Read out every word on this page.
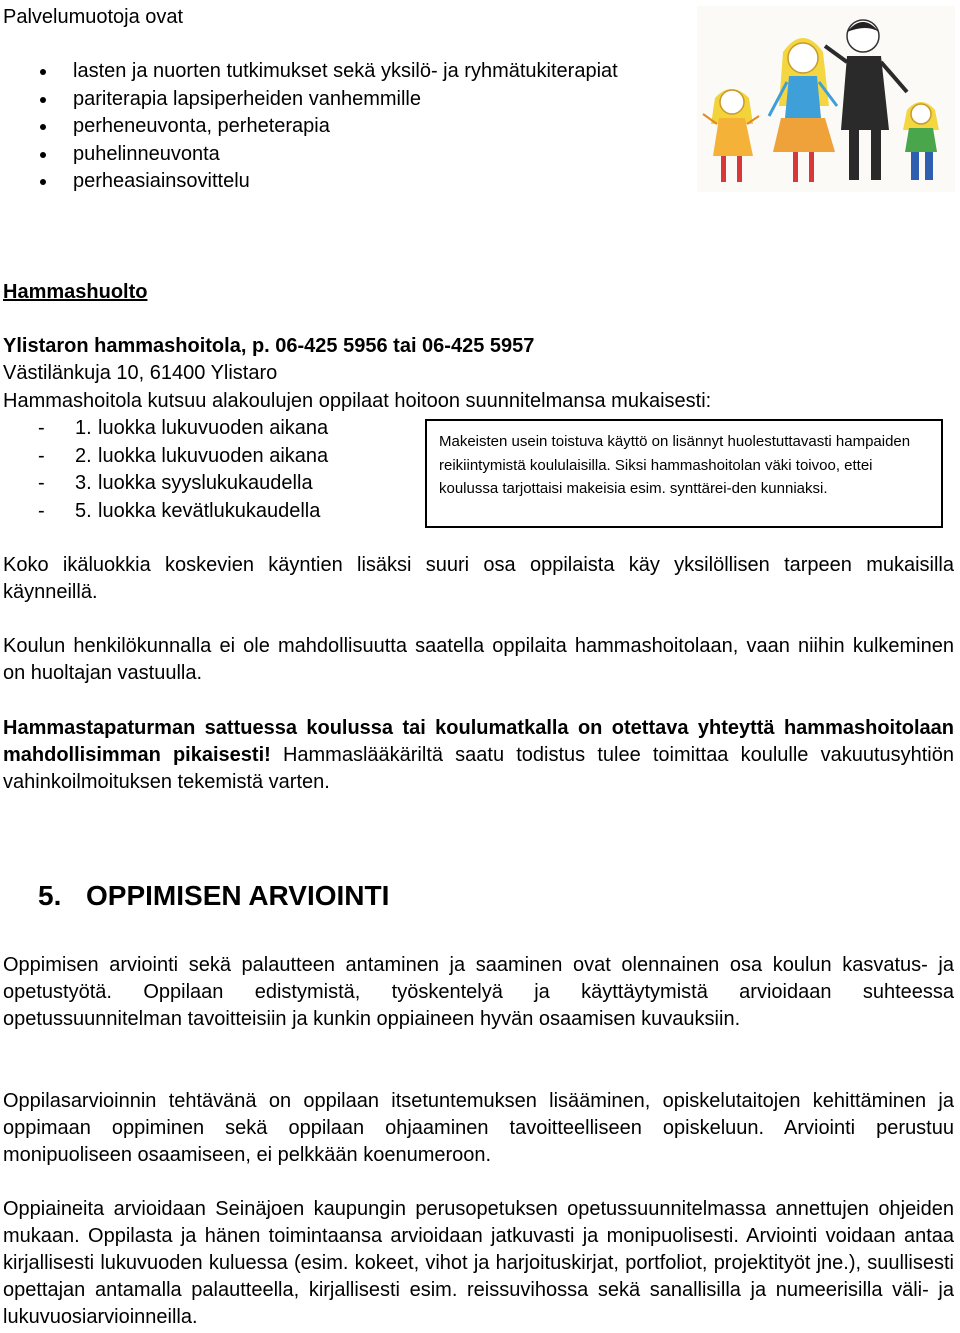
Palvelumuotoja ovat
lasten ja nuorten tutkimukset sekä yksilö- ja ryhmätukiterapiat
pariterapia lapsiperheiden vanhemmille
perheneuvonta, perheterapia
puhelinneuvonta
perheasiainsovittelu
Hammashuolto
Ylistaron hammashoitola, p. 06-425 5956 tai 06-425 5957
Västilänkuja 10, 61400 Ylistaro
Hammashoitola kutsuu alakoulujen oppilaat hoitoon suunnitelmansa mukaisesti:
- 1. luokka lukuvuoden aikana
- 2. luokka lukuvuoden aikana
- 3. luokka syyslukukaudella
- 5. luokka kevätlukukaudella
Makeisten usein toistuva käyttö on lisännyt huolestuttavasti hampaiden reikiintymistä koululaisilla. Siksi hammashoitolan väki toivoo, ettei koulussa tarjottaisi makeisia esim. synttärei-den kunniaksi.

Koko ikäluokkia koskevien käyntien lisäksi suuri osa oppilaista käy yksilöllisen tarpeen mukaisilla käynneillä.

Koulun henkilökunnalla ei ole mahdollisuutta saatella oppilaita hammashoitolaan, vaan niihin kulkeminen on huoltajan vastuulla.

Hammastapaturman sattuessa koulussa tai koulumatkalla on otettava yhteyttä hammashoitolaan mahdollisimman pikaisesti! Hammaslääkäriltä saatu todistus tulee toimittaa koululle vakuutusyhtiön vahinkoilmoituksen tekemistä varten.

5. OPPIMISEN ARVIOINTI

Oppimisen arviointi sekä palautteen antaminen ja saaminen ovat olennainen osa koulun kasvatus- ja opetustyötä. Oppilaan edistymistä, työskentelyä ja käyttäytymistä arvioidaan suhteessa opetussuunnitelman tavoitteisiin ja kunkin oppiaineen hyvän osaamisen kuvauksiin.

Oppilasarvioinnin tehtävänä on oppilaan itsetuntemuksen lisääminen, opiskelutaitojen kehittäminen ja oppimaan oppiminen sekä oppilaan ohjaaminen tavoitteelliseen opiskeluun. Arviointi perustuu monipuoliseen osaamiseen, ei pelkkään koenumeroon.

Oppiaineita arvioidaan Seinäjoen kaupungin perusopetuksen opetussuunnitelmassa annettujen ohjeiden mukaan. Oppilasta ja hänen toimintaansa arvioidaan jatkuvasti ja monipuolisesti. Arviointi voidaan antaa kirjallisesti lukuvuoden kuluessa (esim. kokeet, vihot ja harjoituskirjat, portfoliot, projektityöt jne.), suullisesti opettajan antamalla palautteella, kirjallisesti esim. reissuvihossa sekä sanallisilla ja numeerisilla väli- ja lukuvuosiarvioinneilla.
